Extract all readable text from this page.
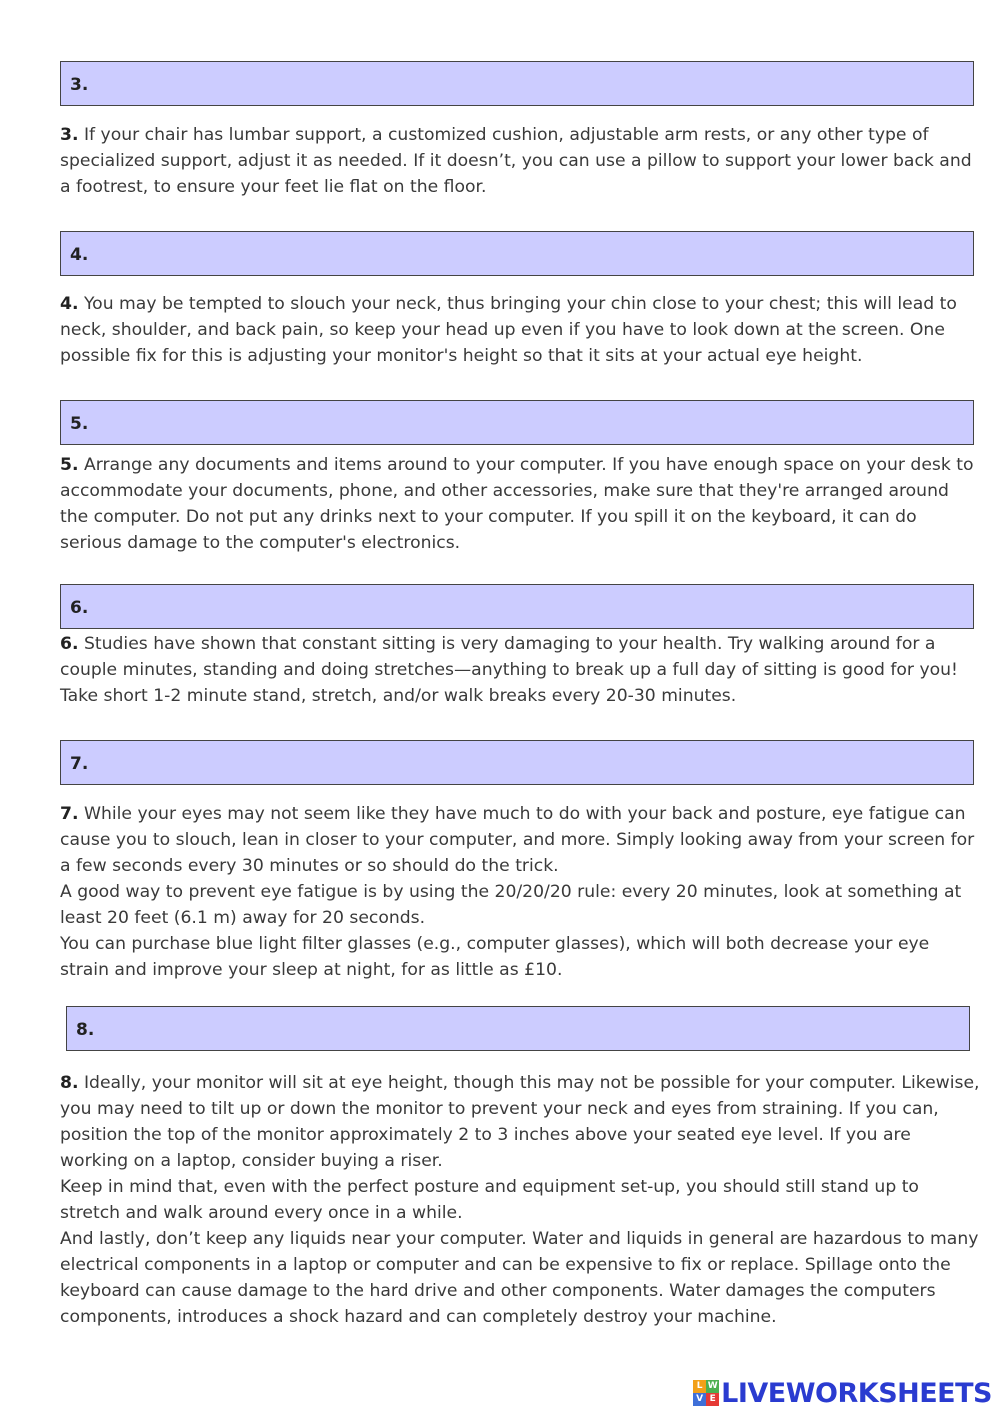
3.
3. If your chair has lumbar support, a customized cushion, adjustable arm rests, or any other type of specialized support, adjust it as needed. If it doesn’t, you can use a pillow to support your lower back and a footrest, to ensure your feet lie flat on the floor.
4.
4. You may be tempted to slouch your neck, thus bringing your chin close to your chest; this will lead to neck, shoulder, and back pain, so keep your head up even if you have to look down at the screen. One possible fix for this is adjusting your monitor's height so that it sits at your actual eye height.
5.
5. Arrange any documents and items around to your computer. If you have enough space on your desk to accommodate your documents, phone, and other accessories, make sure that they're arranged around the computer. Do not put any drinks next to your computer. If you spill it on the keyboard, it can do serious damage to the computer's electronics.
6.
6. Studies have shown that constant sitting is very damaging to your health. Try walking around for a couple minutes, standing and doing stretches—anything to break up a full day of sitting is good for you! Take short 1-2 minute stand, stretch, and/or walk breaks every 20-30 minutes.
7.
7. While your eyes may not seem like they have much to do with your back and posture, eye fatigue can cause you to slouch, lean in closer to your computer, and more. Simply looking away from your screen for a few seconds every 30 minutes or so should do the trick.
A good way to prevent eye fatigue is by using the 20/20/20 rule: every 20 minutes, look at something at least 20 feet (6.1 m) away for 20 seconds.
You can purchase blue light filter glasses (e.g., computer glasses), which will both decrease your eye strain and improve your sleep at night, for as little as £10.
8.
8. Ideally, your monitor will sit at eye height, though this may not be possible for your computer. Likewise, you may need to tilt up or down the monitor to prevent your neck and eyes from straining. If you can, position the top of the monitor approximately 2 to 3 inches above your seated eye level. If you are working on a laptop, consider buying a riser.
Keep in mind that, even with the perfect posture and equipment set-up, you should still stand up to stretch and walk around every once in a while.
And lastly, don’t keep any liquids near your computer. Water and liquids in general are hazardous to many electrical components in a laptop or computer and can be expensive to fix or replace. Spillage onto the keyboard can cause damage to the hard drive and other components. Water damages the computers components, introduces a shock hazard and can completely destroy your machine.
L W
V E LIVEWORKSHEETS
